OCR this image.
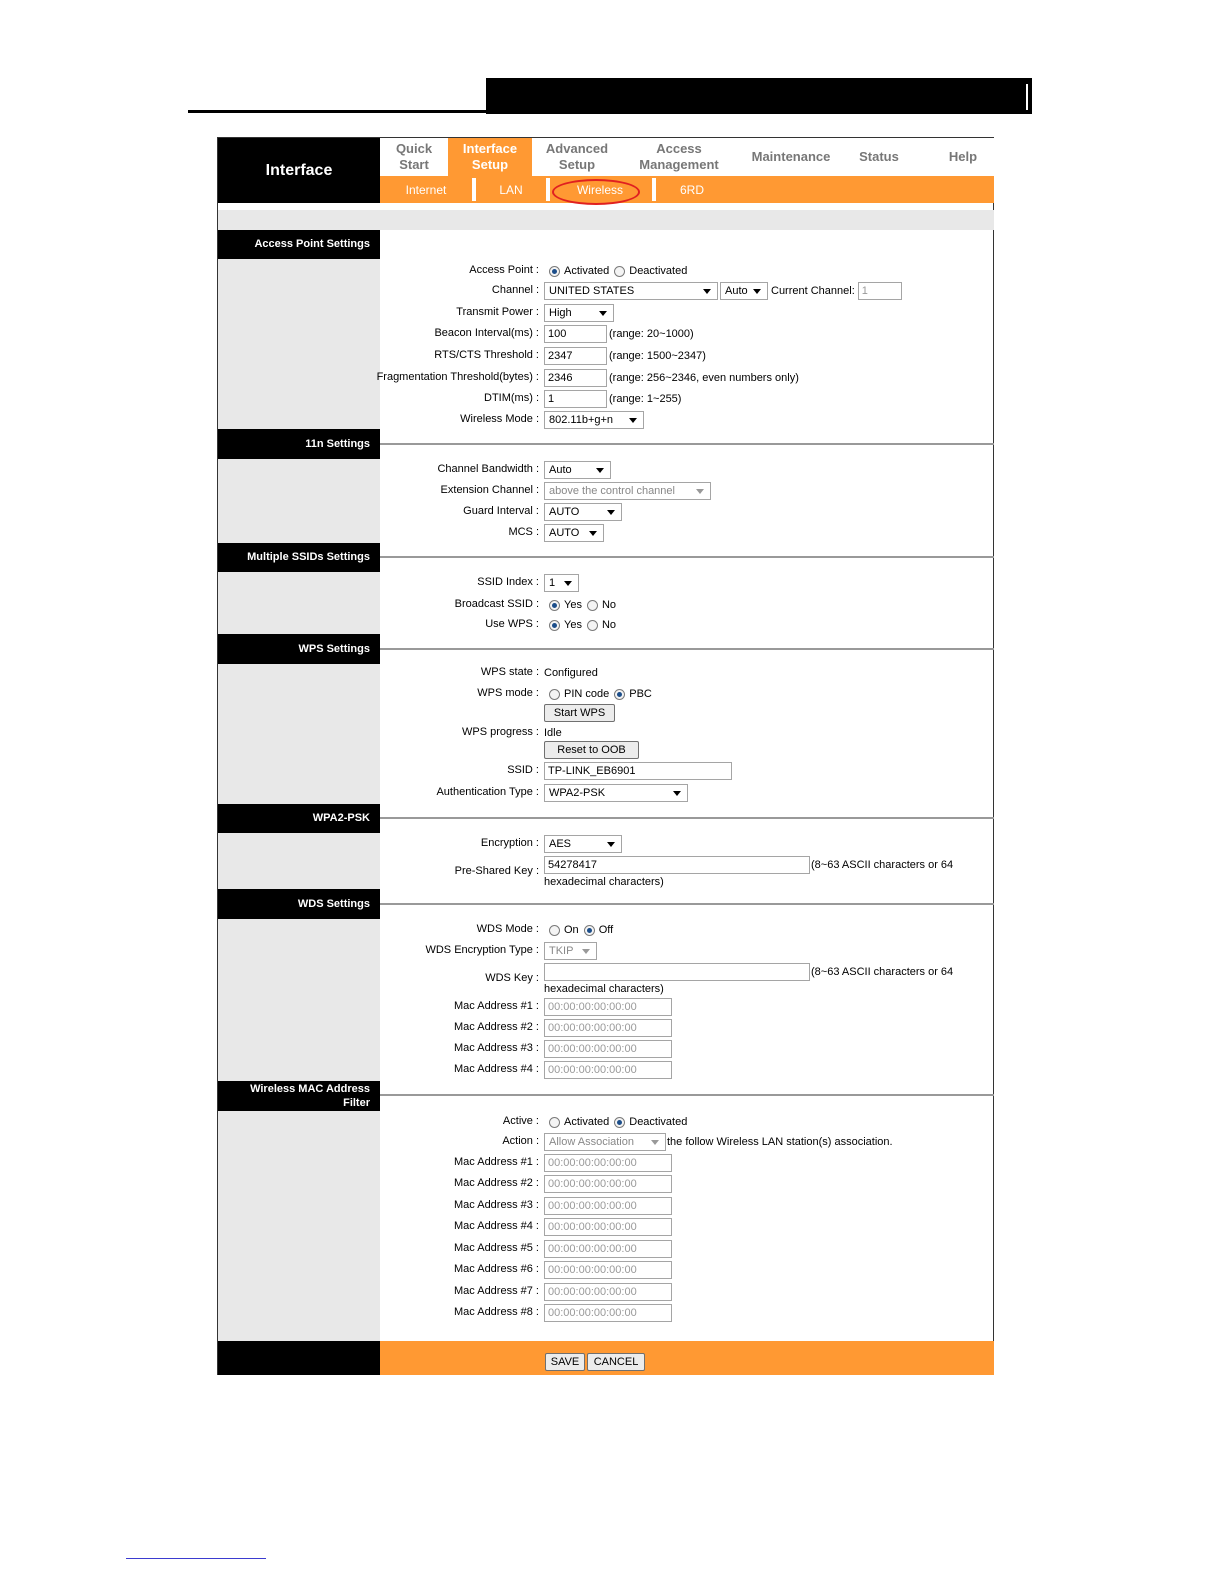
Interface
Quick
Start
Interface
Setup
Advanced
Setup
Access
Management
Maintenance	Status	Help
Internet	LAN	Wireless	6RD
Access Point Settings
11n Settings
Multiple SSIDs Settings
WPS Settings
WPA2-PSK
WDS Settings
Wireless MAC Address
Filter
Access Point : Activated Deactivated
Channel : UNITED STATES	Auto	Current Channel: 1
Transmit Power : High
Beacon Interval(ms) : 100	(range: 20~1000)
RTS/CTS Threshold : 2347	(range: 1500~2347)
Fragmentation Threshold(bytes) : 2346	(range: 256~2346, even numbers only)
DTIM(ms) : 1	(range: 1~255)
Wireless Mode : 802.11b+g+n
Channel Bandwidth : Auto
Extension Channel : above the control channel
Guard Interval : AUTO
MCS : AUTO
SSID Index : 1
Broadcast SSID : Yes No
Use WPS : Yes No
WPS state : Configured
WPS mode : PIN code PBC
Start WPS
WPS progress : Idle
Reset to OOB
SSID : TP-LINK_EB6901
Authentication Type : WPA2-PSK
Encryption : AES
Pre-Shared Key : 54278417	(8~63 ASCII characters or 64
hexadecimal characters)
WDS Mode : On Off
WDS Encryption Type : TKIP
WDS Key :	(8~63 ASCII characters or 64
hexadecimal characters)
Mac Address #1 : 00:00:00:00:00:00
Mac Address #2 : 00:00:00:00:00:00
Mac Address #3 : 00:00:00:00:00:00
Mac Address #4 : 00:00:00:00:00:00
Active : Activated Deactivated
Action : Allow Association	the follow Wireless LAN station(s) association.
Mac Address #1 : 00:00:00:00:00:00
Mac Address #2 : 00:00:00:00:00:00
Mac Address #3 : 00:00:00:00:00:00
Mac Address #4 : 00:00:00:00:00:00
Mac Address #5 : 00:00:00:00:00:00
Mac Address #6 : 00:00:00:00:00:00
Mac Address #7 : 00:00:00:00:00:00
Mac Address #8 : 00:00:00:00:00:00
SAVE	CANCEL
